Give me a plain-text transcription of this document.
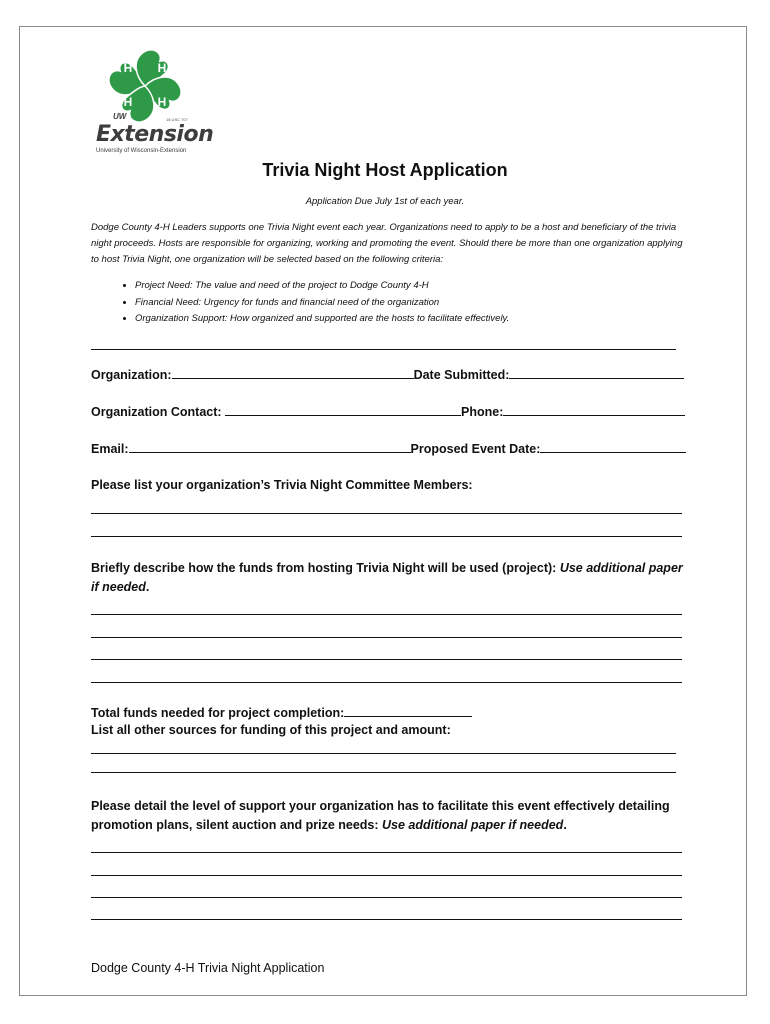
H H
H H
18 USC 707
UW
Extension
University of Wisconsin-Extension
Trivia Night Host Application
Application Due July 1st of each year.
Dodge County 4-H Leaders supports one Trivia Night event each year. Organizations need to apply to be a host and beneficiary of the trivia night proceeds. Hosts are responsible for organizing, working and promoting the event. Should there be more than one organization applying to host Trivia Night, one organization will be selected based on the following criteria:
• Project Need: The value and need of the project to Dodge County 4-H
• Financial Need: Urgency for funds and financial need of the organization
• Organization Support: How organized and supported are the hosts to facilitate effectively.
Organization:	Date Submitted:
Organization Contact:	Phone:
Email:	Proposed Event Date:
Please list your organization’s Trivia Night Committee Members:
Briefly describe how the funds from hosting Trivia Night will be used (project): Use additional paper if needed.
Total funds needed for project completion:
List all other sources for funding of this project and amount:
Please detail the level of support your organization has to facilitate this event effectively detailing promotion plans, silent auction and prize needs: Use additional paper if needed.
Dodge County 4-H Trivia Night Application
